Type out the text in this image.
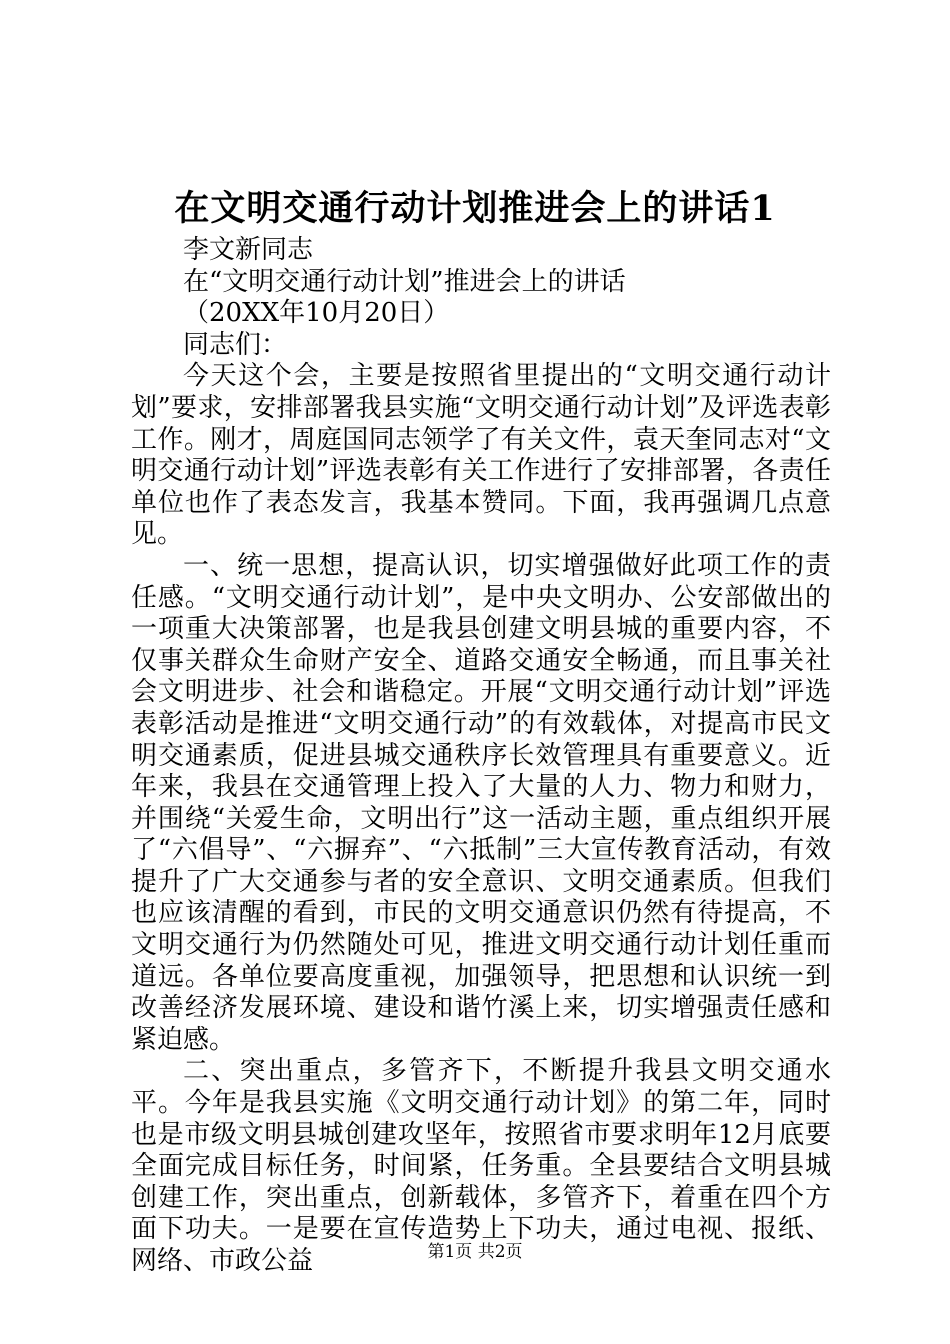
在文明交通行动计划推进会上的讲话1

李文新同志

在“文明交通行动计划”推进会上的讲话

（20XX年10月20日）

同志们：

今天这个会，主要是按照省里提出的“文明交通行动计划”要求，安排部署我县实施“文明交通行动计划”及评选表彰工作。刚才，周庭国同志领学了有关文件，袁天奎同志对“文明交通行动计划”评选表彰有关工作进行了安排部署，各责任单位也作了表态发言，我基本赞同。下面，我再强调几点意见。

一、统一思想，提高认识，切实增强做好此项工作的责任感。“文明交通行动计划”，是中央文明办、公安部做出的一项重大决策部署，也是我县创建文明县城的重要内容，不仅事关群众生命财产安全、道路交通安全畅通，而且事关社会文明进步、社会和谐稳定。开展“文明交通行动计划”评选表彰活动是推进“文明交通行动”的有效载体，对提高市民文明交通素质，促进县城交通秩序长效管理具有重要意义。近年来，我县在交通管理上投入了大量的人力、物力和财力，并围绕“关爱生命，文明出行”这一活动主题，重点组织开展了“六倡导”、“六摒弃”、“六抵制”三大宣传教育活动，有效提升了广大交通参与者的安全意识、文明交通素质。但我们也应该清醒的看到，市民的文明交通意识仍然有待提高，不文明交通行为仍然随处可见，推进文明交通行动计划任重而道远。各单位要高度重视，加强领导，把思想和认识统一到改善经济发展环境、建设和谐竹溪上来，切实增强责任感和紧迫感。

二、突出重点，多管齐下，不断提升我县文明交通水平。今年是我县实施《文明交通行动计划》的第二年，同时也是市级文明县城创建攻坚年，按照省市要求明年12月底要全面完成目标任务，时间紧，任务重。全县要结合文明县城创建工作，突出重点，创新载体，多管齐下，着重在四个方面下功夫。一是要在宣传造势上下功夫，通过电视、报纸、网络、市政公益	第1页 共2页
